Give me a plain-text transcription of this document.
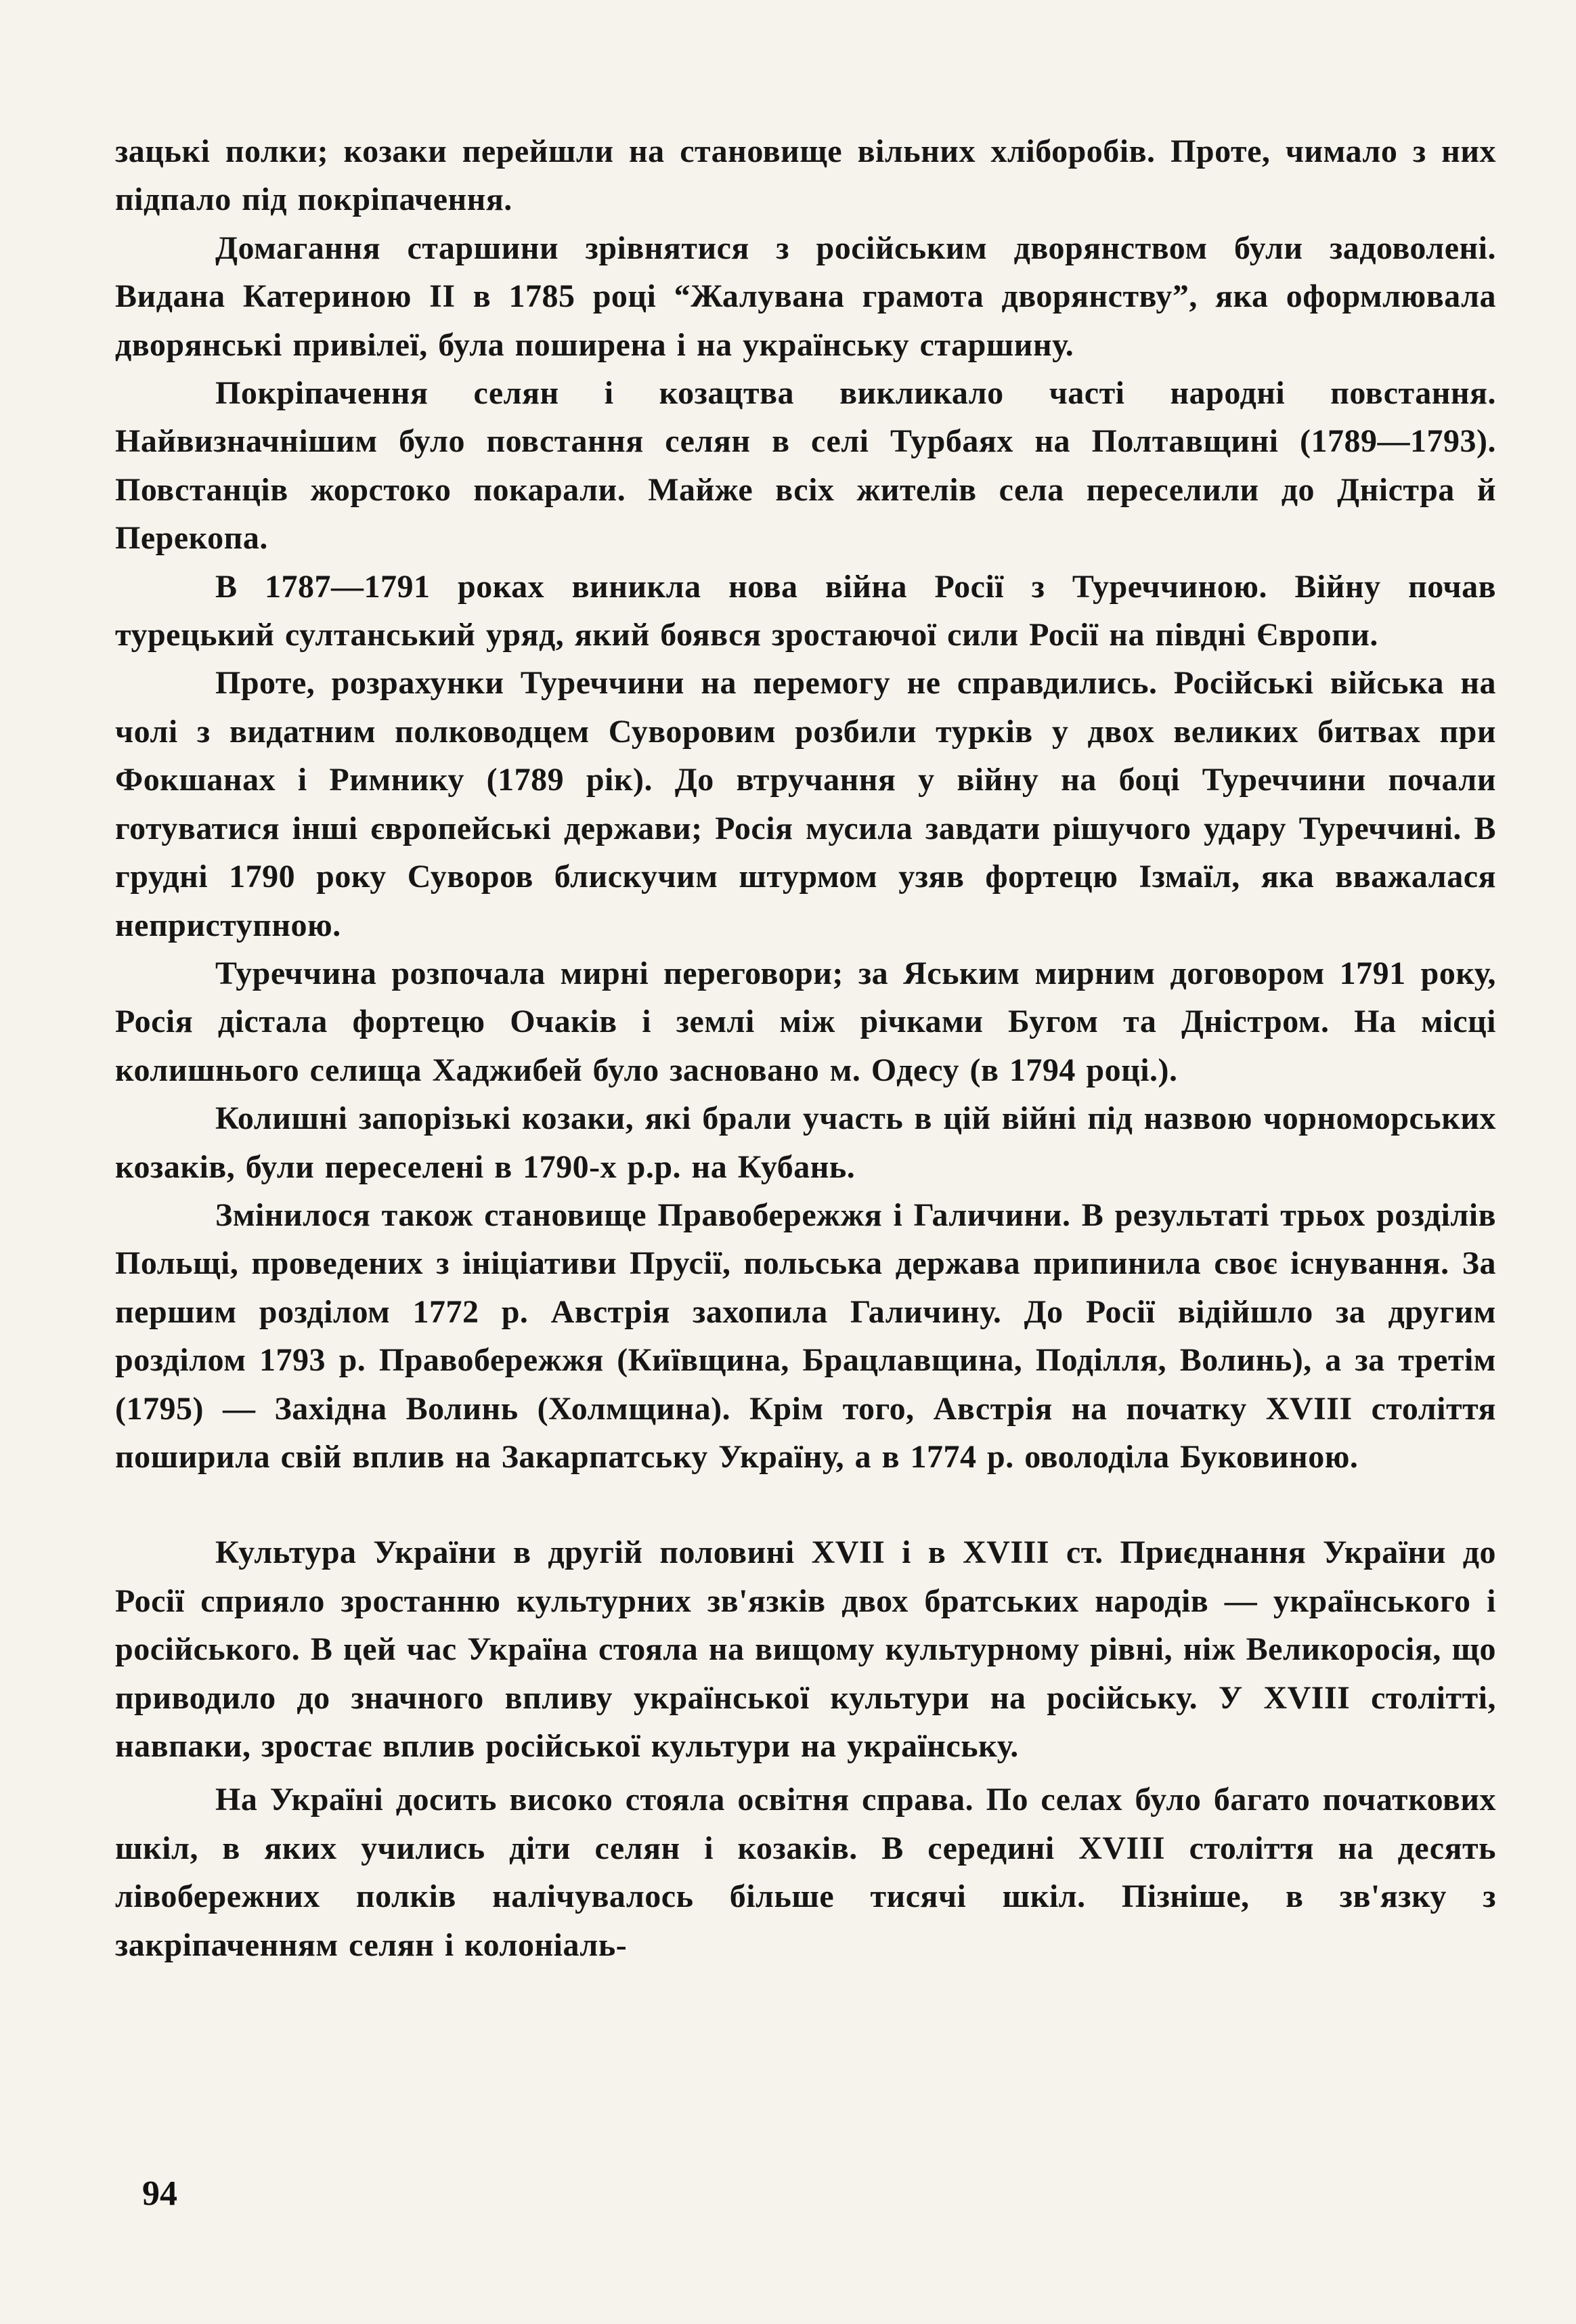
зацькі полки; козаки перейшли на становище вільних хліборобів. Проте, чимало з них підпало під покріпачення.

Домагання старшини зрівнятися з російським дворянством були задоволені. Видана Катериною II в 1785 році “Жалувана грамота дворянству”, яка оформлювала дворянські привілеї, була поширена і на українську старшину.

Покріпачення селян і козацтва викликало часті народні повстання. Найвизначнішим було повстання селян в селі Турбаях на Полтавщині (1789—1793). Повстанців жорстоко покарали. Майже всіх жителів села переселили до Дністра й Перекопа.

В 1787—1791 роках виникла нова війна Росії з Туреччиною. Війну почав турецький султанський уряд, який боявся зростаючої сили Росії на півдні Європи.

Проте, розрахунки Туреччини на перемогу не справдились. Російські війська на чолі з видатним полководцем Суворовим розбили турків у двох великих битвах при Фокшанах і Римнику (1789 рік). До втручання у війну на боці Туреччини почали готуватися інші європейські держави; Росія мусила завдати рішучого удару Туреччині. В грудні 1790 року Суворов блискучим штурмом узяв фортецю Ізмаїл, яка вважалася неприступною.

Туреччина розпочала мирні переговори; за Яським мирним договором 1791 року, Росія дістала фортецю Очаків і землі між річками Бугом та Дністром. На місці колишнього селища Хаджибей було засновано м. Одесу (в 1794 році.).

Колишні запорізькі козаки, які брали участь в цій війні під назвою чорноморських козаків, були переселені в 1790-х р.р. на Кубань.

Змінилося також становище Правобережжя і Галичини. В результаті трьох розділів Польщі, проведених з ініціативи Прусії, польська держава припинила своє існування. За першим розділом 1772 р. Австрія захопила Галичину. До Росії відійшло за другим розділом 1793 р. Правобережжя (Київщина, Брацлавщина, Поділля, Волинь), а за третім (1795) — Західна Волинь (Холмщина). Крім того, Австрія на початку XVIII століття поширила свій вплив на Закарпатську Україну, а в 1774 р. оволоділа Буковиною.

Культура України в другій половині XVII і в XVIII ст. Приєднання України до Росії сприяло зростанню культурних зв'язків двох братських народів — українського і російського. В цей час Україна стояла на вищому культурному рівні, ніж Великоросія, що приводило до значного впливу української культури на російську. У XVIII столітті, навпаки, зростає вплив російської культури на українську.

На Україні досить високо стояла освітня справа. По селах було багато початкових шкіл, в яких учились діти селян і козаків. В середині XVIII століття на десять лівобережних полків налічувалось більше тисячі шкіл. Пізніше, в зв'язку з закріпаченням селян і колоніаль-

94
